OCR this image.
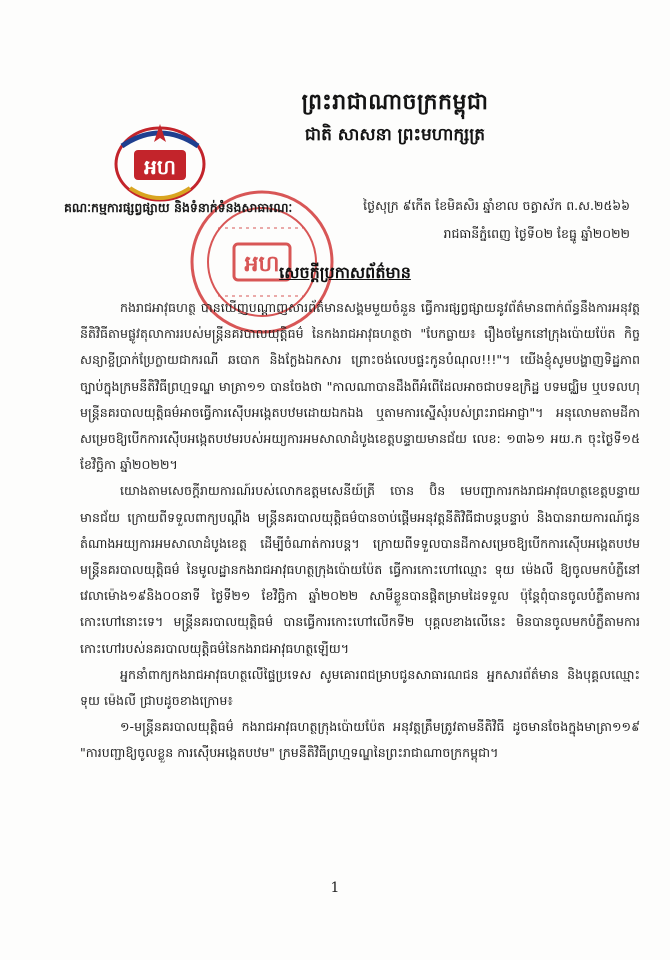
ព្រះរាជាណាចក្រកម្ពុជា
ជាតិ សាសនា ព្រះមហាក្សត្រ
អហ
អហ
គណៈកម្មការផ្សព្វផ្សាយ និងទំនាក់ទំនងសាធារណៈ	ថ្ងៃសុក្រ ៩កើត ខែមិគសិរ ឆ្នាំខាល ចត្វាស័ក ព.ស.២៥៦៦
រាជធានីភ្នំពេញ ថ្ងៃទី០២ ខែធ្នូ ឆ្នាំ២០២២
សេចក្តីប្រកាសព័ត៌មាន

កងរាជអាវុធហត្ថ បានឃើញបណ្ដាញសារព័ត៌មានសង្គមមួយចំនួន ធ្វើការផ្សព្វផ្សាយនូវព័ត៌មានពាក់ព័ន្ធនឹងការអនុវត្តនីតិវិធីតាមផ្លូវតុលាការរបស់មន្ត្រីនគរបាលយុត្តិធម៌ នៃកងរាជអាវុធហត្ថថា "បែកធ្លាយ៖ រឿងចម្លែកនៅក្រុងប៉ោយប៉ែត កិច្ចសន្យាខ្ចីប្រាក់ប្រែក្លាយជាករណី ឆបោក និងក្លែងឯកសារ ព្រោះចង់លេបផ្ទះកូនបំណុល!!!"។ យើងខ្ញុំសូមបង្ហាញទិដ្ឋភាពច្បាប់ក្នុងក្រមនីតិវិធីព្រហ្មទណ្ឌ មាត្រា១១ បានចែងថា "កាលណាបានដឹងពីអំពើដែលអាចជាបទឧក្រិដ្ឋ បទមជ្ឈិម ឬបទលហុ មន្ត្រីនគរបាលយុត្តិធម៌អាចធ្វើការស៊ើបអង្កេតបឋមដោយឯកឯង ឬតាមការស្នើសុំរបស់ព្រះរាជអាជ្ញា"។ អនុលោមតាមដីកាសម្រេចឱ្យបើកការស៊ើបអង្កេតបឋមរបស់អយ្យការអមសាលាដំបូងខេត្តបន្ទាយមានជ័យ លេខ: ១៣៦១ អយ.ក ចុះថ្ងៃទី១៥ ខែវិច្ឆិកា ឆ្នាំ២០២២។

យោងតាមសេចក្ដីរាយការណ៍របស់លោកឧត្តមសេនីយ៍ត្រី ចោន ប៊ិន មេបញ្ជាការកងរាជអាវុធហត្ថខេត្តបន្ទាយមានជ័យ ក្រោយពីទទួលពាក្យបណ្តឹង មន្ត្រីនគរបាលយុត្តិធម៌បានចាប់ផ្តើមអនុវត្តនីតិវិធីជាបន្តបន្ទាប់ និងបានរាយការណ៍ជូនតំណាងអយ្យការអមសាលាដំបូងខេត្ត ដើម្បីចំណាត់ការបន្ត។ ក្រោយពីទទួលបានដីកាសម្រេចឱ្យបើកការស៊ើបអង្កេតបឋម មន្ត្រីនគរបាលយុត្តិធម៌ នៃមូលដ្ឋានកងរាជអាវុធហត្ថក្រុងប៉ោយប៉ែត ធ្វើការកោះហៅឈ្មោះ ទុយ ម៉េងលី ឱ្យចូលមកបំភ្លឺនៅវេលាម៉ោង១៩និង០០នាទី ថ្ងៃទី២១ ខែវិច្ឆិកា ឆ្នាំ២០២២ សាមីខ្លួនបានផ្តិតម្រាមដៃទទួល ប៉ុន្តែពុំបានចូលបំភ្លឺតាមការកោះហៅនោះទេ។ មន្ត្រីនគរបាលយុត្តិធម៌ បានធ្វើការកោះហៅលើកទី២ បុគ្គលខាងលើនេះ មិនបានចូលមកបំភ្លឺតាមការកោះហៅរបស់នគរបាលយុត្តិធម៌នៃកងរាជអាវុធហត្ថឡើយ។

អ្នកនាំពាក្យកងរាជអាវុធហត្ថលើផ្ទៃប្រទេស សូមគោរពជម្រាបជូនសាធារណជន អ្នកសារព័ត៌មាន និងបុគ្គលឈ្មោះ ទុយ ម៉េងលី ជ្រាបដូចខាងក្រោម៖

១-មន្ត្រីនគរបាលយុត្តិធម៌ កងរាជអាវុធហត្ថក្រុងប៉ោយប៉ែត អនុវត្តត្រឹមត្រូវតាមនីតិវិធី ដូចមានចែងក្នុងមាត្រា១១៩ "ការបញ្ជាឱ្យចូលខ្លួន ការស៊ើបអង្កេតបឋម" ក្រមនីតិវិធីព្រហ្មទណ្ឌនៃព្រះរាជាណាចក្រកម្ពុជា។

1
